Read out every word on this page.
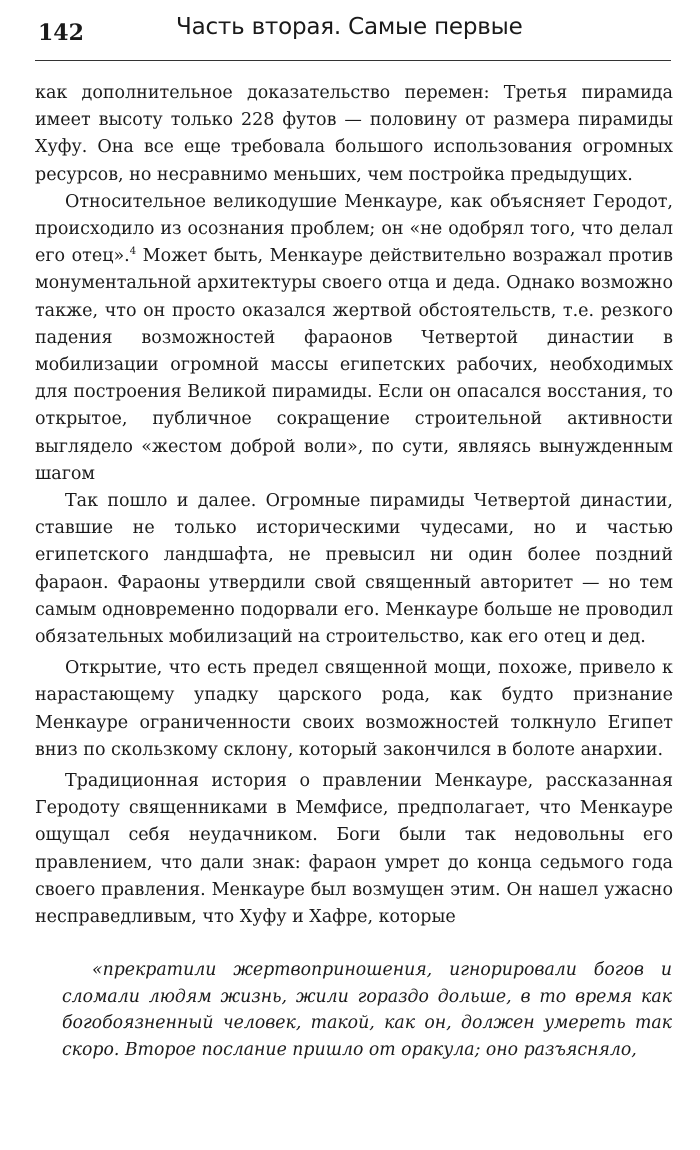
142	Часть вторая. Самые первые

как дополнительное доказательство перемен: Третья пирамида имеет высоту только 228 футов — половину от размера пирамиды Хуфу. Она все еще требовала большого использования огромных ресурсов, но несравнимо меньших, чем постройка предыдущих.

Относительное великодушие Менкауре, как объясняет Геродот, происходило из осознания проблем; он «не одобрял того, что делал его отец».$^4$ Может быть, Менкауре действительно возражал против монументальной архитектуры своего отца и деда. Однако возможно также, что он просто оказался жертвой обстоятельств, т.е. резкого падения возможностей фараонов Четвертой династии в мобилизации огромной массы египетских рабочих, необходимых для построения Великой пирамиды. Если он опасался восстания, то открытое, публичное сокращение строительной активности выглядело «жестом доброй воли», по сути, являясь вынужденным шагом

Так пошло и далее. Огромные пирамиды Четвертой династии, ставшие не только историческими чудесами, но и частью египетского ландшафта, не превысил ни один более поздний фараон. Фараоны утвердили свой священный авторитет — но тем самым одновременно подорвали его. Менкауре больше не проводил обязательных мобилизаций на строительство, как его отец и дед.

Открытие, что есть предел священной мощи, похоже, привело к нарастающему упадку царского рода, как будто признание Менкауре ограниченности своих возможностей толкнуло Египет вниз по скользкому склону, который закончился в болоте анархии.

Традиционная история о правлении Менкауре, рассказанная Геродоту священниками в Мемфисе, предполагает, что Менкауре ощущал себя неудачником. Боги были так недовольны его правлением, что дали знак: фараон умрет до конца седьмого года своего правления. Менкауре был возмущен этим. Он нашел ужасно несправедливым, что Хуфу и Хафре, которые

«прекратили жертвоприношения, игнорировали богов и сломали людям жизнь, жили гораздо дольше, в то время как богобоязненный человек, такой, как он, должен умереть так скоро. Второе послание пришло от оракула; оно разъясняло,
